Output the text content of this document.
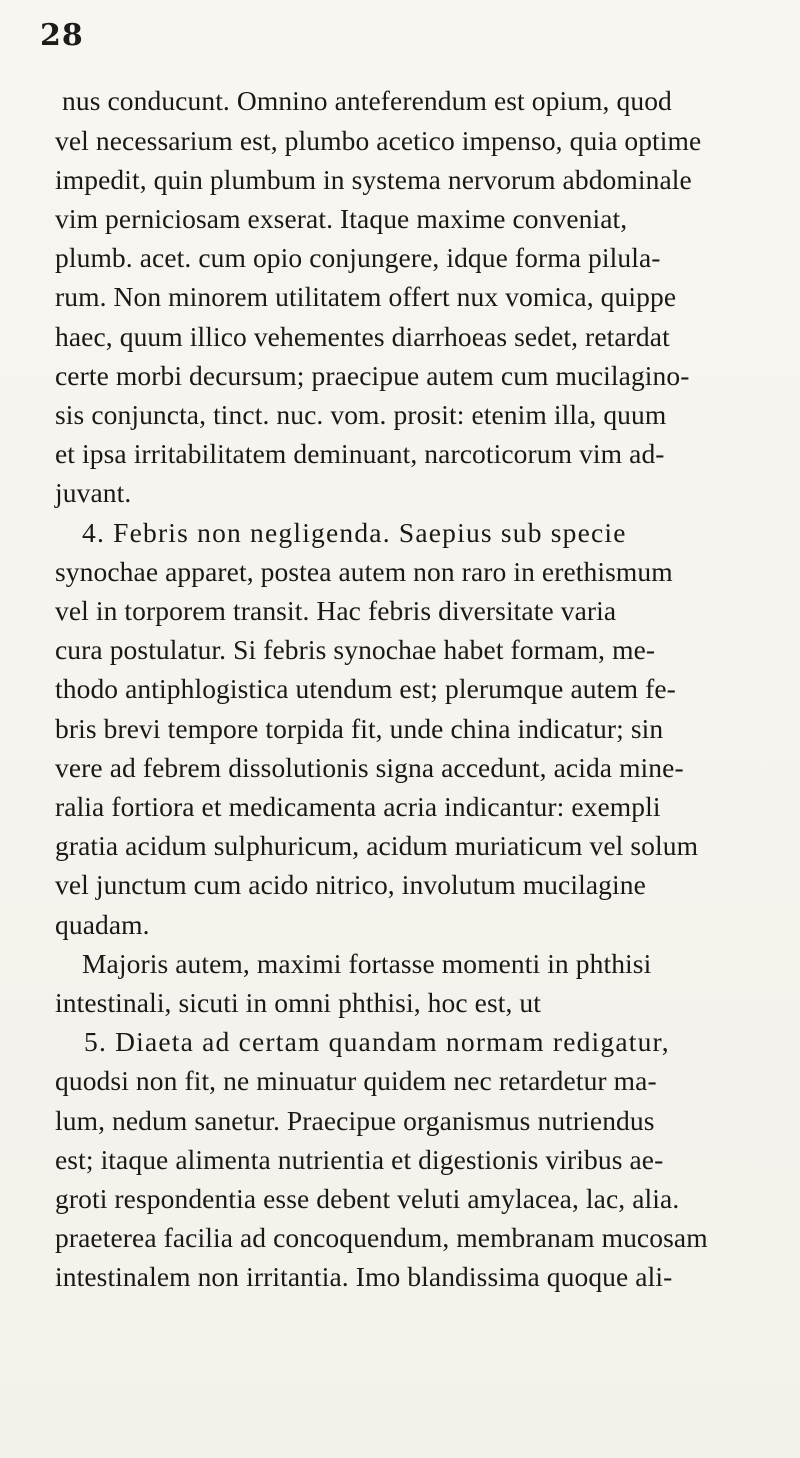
28
nus conducunt. Omnino anteferendum est opium, quod
vel necessarium est, plumbo acetico impenso, quia optime
impedit, quin plumbum in systema nervorum abdominale
vim perniciosam exserat. Itaque maxime conveniat,
plumb. acet. cum opio conjungere, idque forma pilula-
rum. Non minorem utilitatem offert nux vomica, quippe
haec, quum illico vehementes diarrhoeas sedet, retardat
certe morbi decursum; praecipue autem cum mucilagino-
sis conjuncta, tinct. nuc. vom. prosit: etenim illa, quum
et ipsa irritabilitatem deminuant, narcoticorum vim ad-
juvant.
4. Febris non negligenda. Saepius sub specie
synochae apparet, postea autem non raro in erethismum
vel in torporem transit. Hac febris diversitate varia
cura postulatur. Si febris synochae habet formam, me-
thodo antiphlogistica utendum est; plerumque autem fe-
bris brevi tempore torpida fit, unde china indicatur; sin
vere ad febrem dissolutionis signa accedunt, acida mine-
ralia fortiora et medicamenta acria indicantur: exempli
gratia acidum sulphuricum, acidum muriaticum vel solum
vel junctum cum acido nitrico, involutum mucilagine
quadam.
Majoris autem, maximi fortasse momenti in phthisi
intestinali, sicuti in omni phthisi, hoc est, ut
5. Diaeta ad certam quandam normam redigatur,
quodsi non fit, ne minuatur quidem nec retardetur ma-
lum, nedum sanetur. Praecipue organismus nutriendus
est; itaque alimenta nutrientia et digestionis viribus ae-
groti respondentia esse debent veluti amylacea, lac, alia.
praeterea facilia ad concoquendum, membranam mucosam
intestinalem non irritantia. Imo blandissima quoque ali-
